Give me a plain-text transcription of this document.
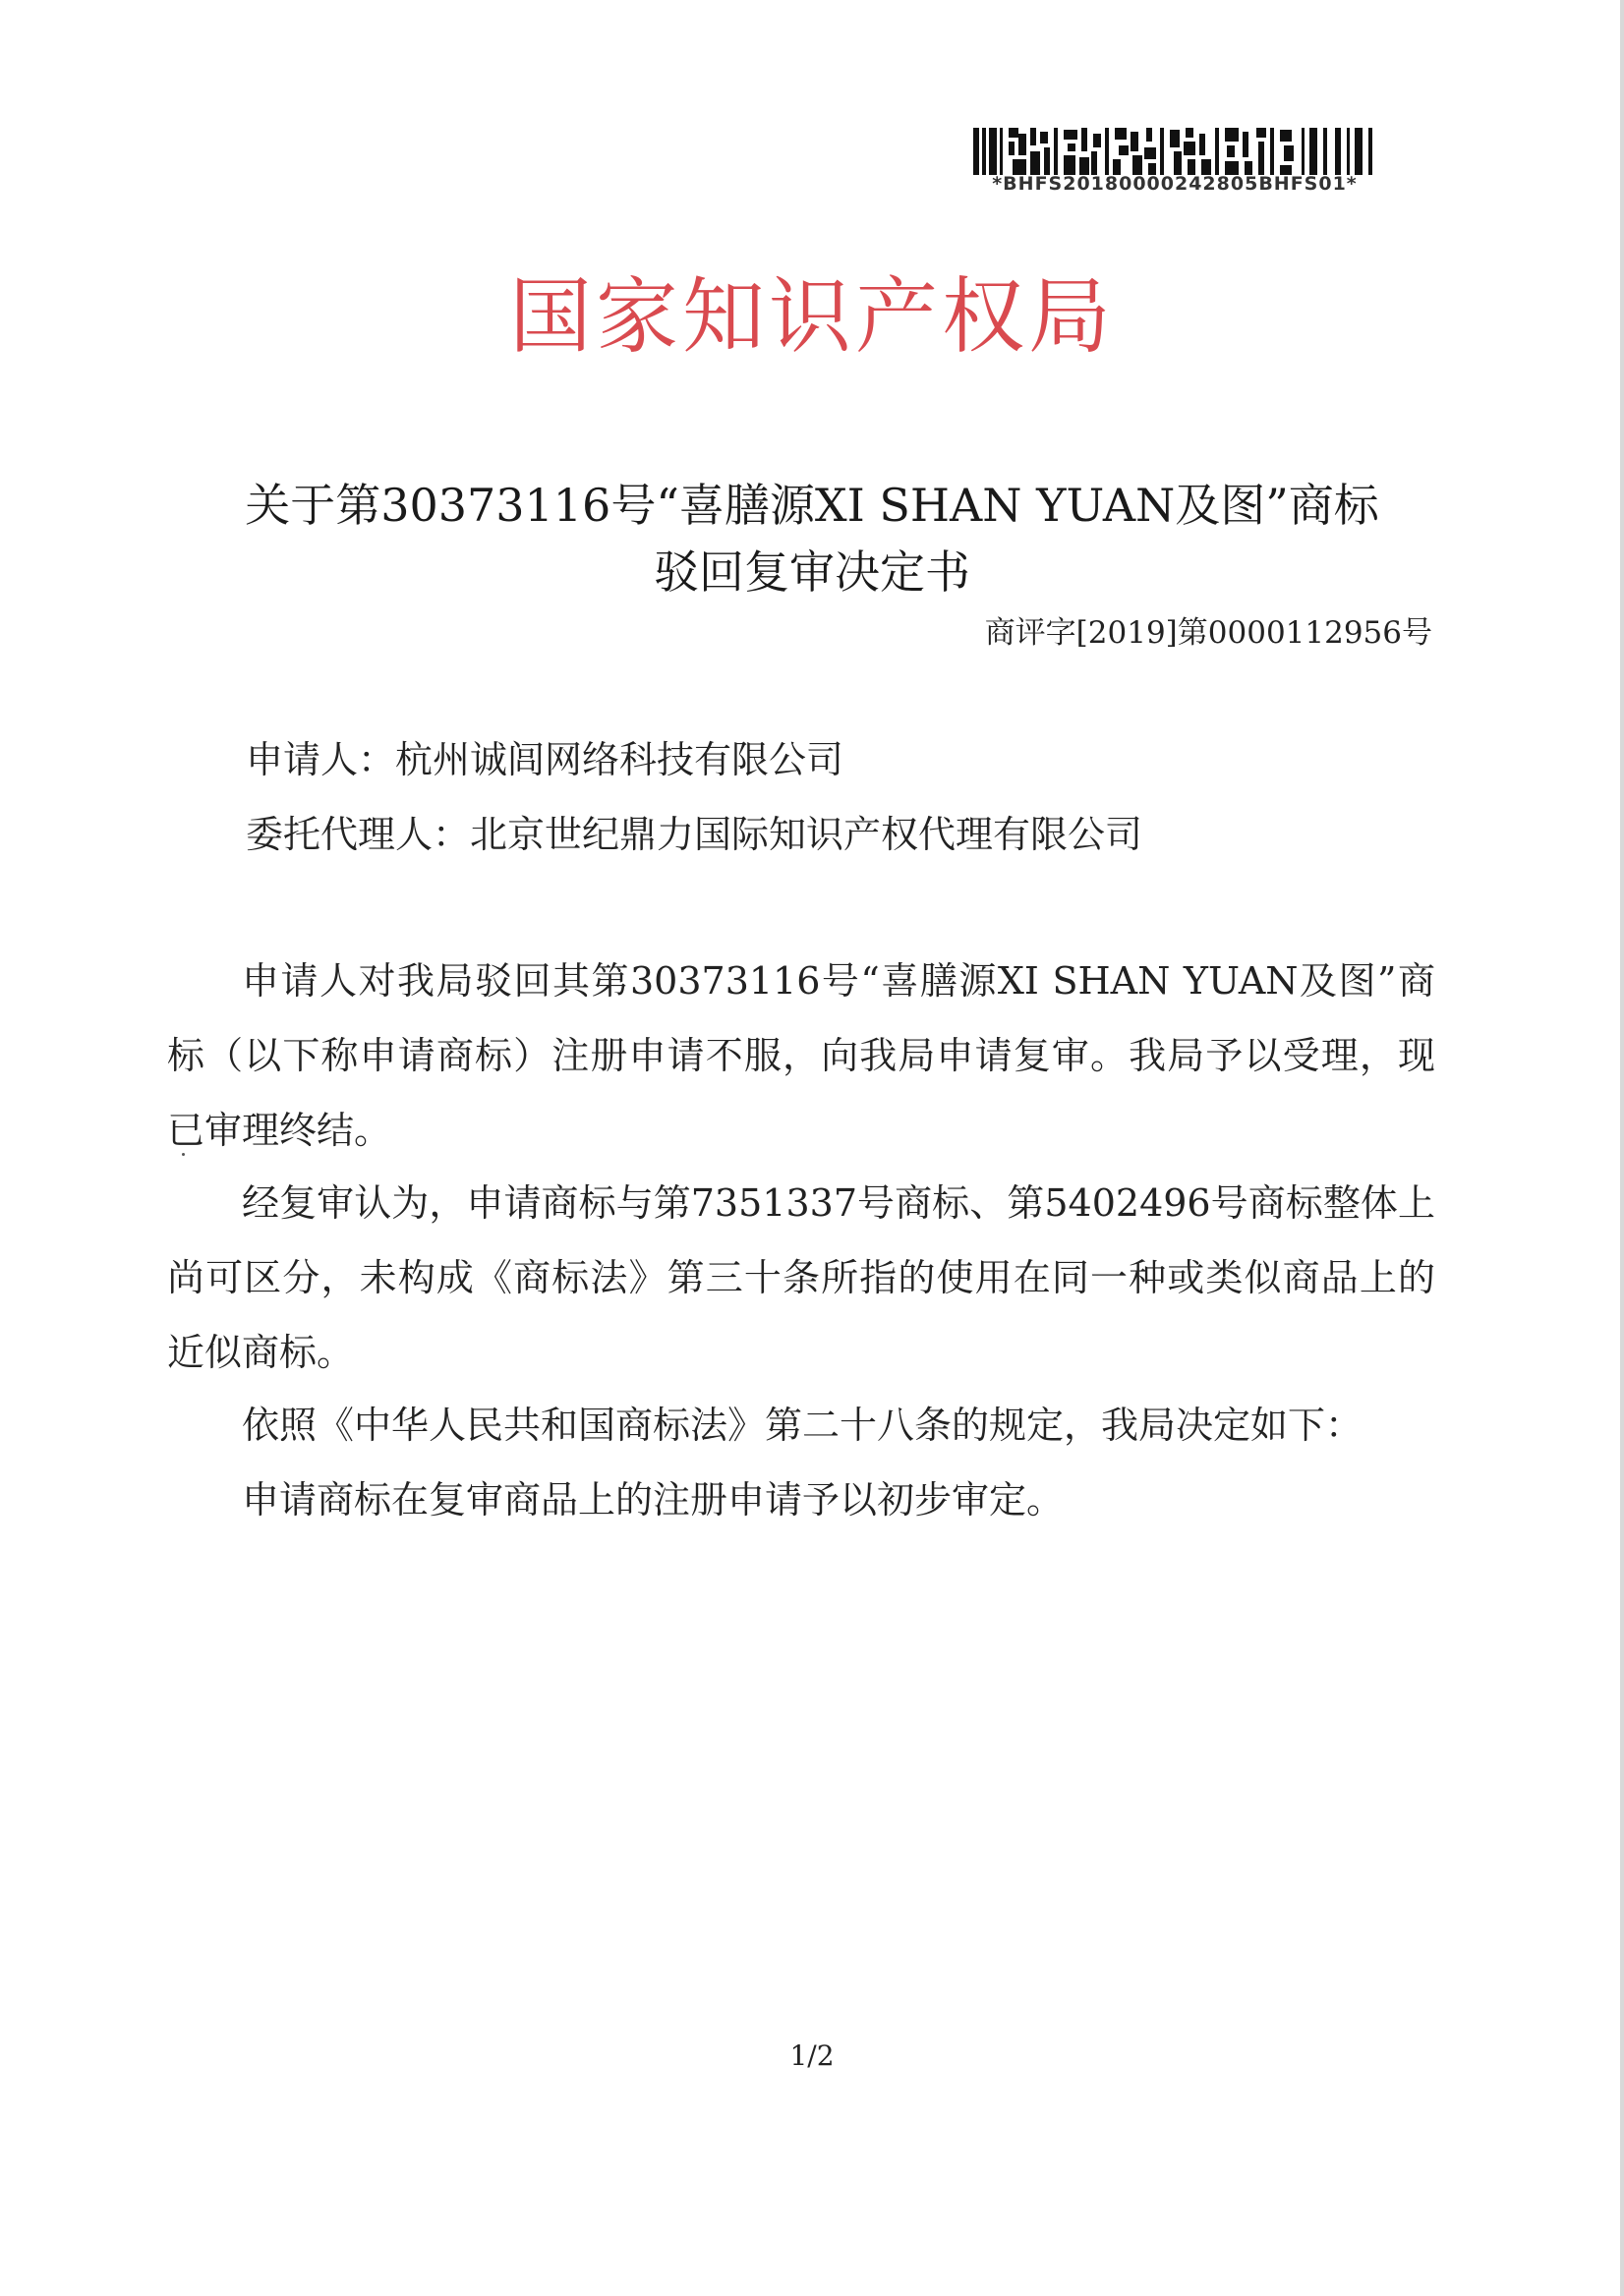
*BHFS20180000242805BHFS01*
国家知识产权局
关于第30373116号“喜膳源XI SHAN YUAN及图”商标
驳回复审决定书
商评字[2019]第0000112956号
申请人：杭州诚闾网络科技有限公司
委托代理人：北京世纪鼎力国际知识产权代理有限公司

申请人对我局驳回其第30373116号“喜膳源XI SHAN YUAN及图”商标（以下称申请商标）注册申请不服，向我局申请复审。我局予以受理，现已审理终结。

经复审认为，申请商标与第7351337号商标、第5402496号商标整体上尚可区分，未构成《商标法》第三十条所指的使用在同一种或类似商品上的近似商标。

依照《中华人民共和国商标法》第二十八条的规定，我局决定如下：

申请商标在复审商品上的注册申请予以初步审定。

1/2
